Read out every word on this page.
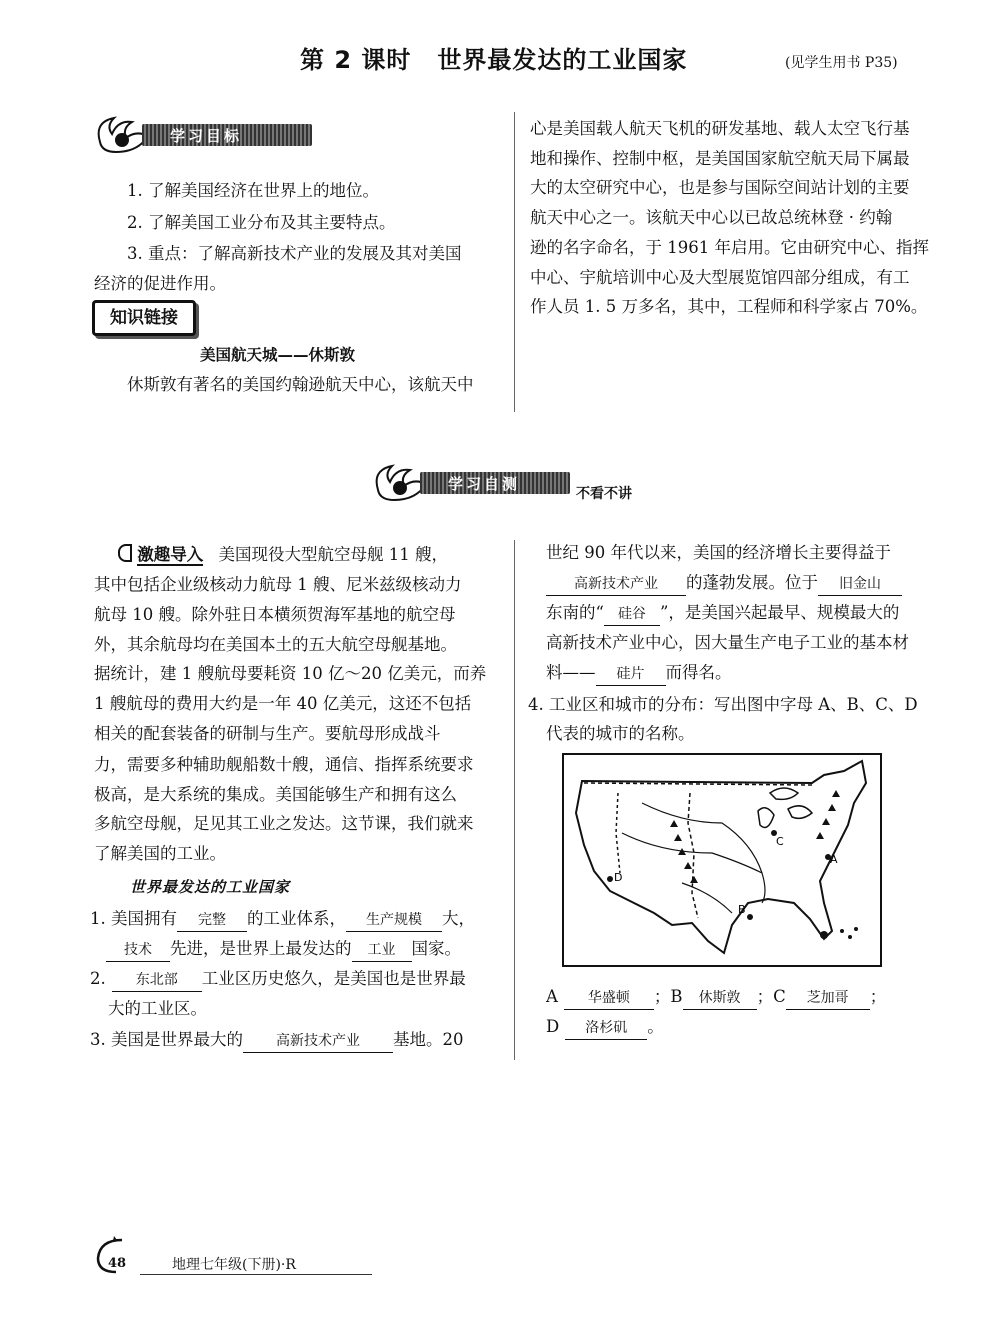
第 2 课时 世界最发达的工业国家	(见学生用书 P35)
学习目标
1. 了解美国经济在世界上的地位。
2. 了解美国工业分布及其主要特点。
3. 重点：了解高新技术产业的发展及其对美国
经济的促进作用。
知识链接
美国航天城——休斯敦
休斯敦有著名的美国约翰逊航天中心，该航天中
心是美国载人航天飞机的研发基地、载人太空飞行基
地和操作、控制中枢，是美国国家航空航天局下属最
大的太空研究中心，也是参与国际空间站计划的主要
航天中心之一。该航天中心以已故总统林登 · 约翰
逊的名字命名，于 1961 年启用。它由研究中心、指挥
中心、宇航培训中心及大型展览馆四部分组成，有工
作人员 1. 5 万多名，其中，工程师和科学家占 70%。
学习自测
不看不讲
激趣导入 美国现役大型航空母舰 11 艘，
其中包括企业级核动力航母 1 艘、尼米兹级核动力
航母 10 艘。除外驻日本横须贺海军基地的航空母
外，其余航母均在美国本土的五大航空母舰基地。
据统计，建 1 艘航母要耗资 10 亿～20 亿美元，而养
1 艘航母的费用大约是一年 40 亿美元，这还不包括
相关的配套装备的研制与生产。要航母形成战斗
力，需要多种辅助舰船数十艘，通信、指挥系统要求
极高，是大系统的集成。美国能够生产和拥有这么
多航空母舰，足见其工业之发达。这节课，我们就来
了解美国的工业。
世界最发达的工业国家
1. 美国拥有 完整 的工业体系， 生产规模 大，
技术 先进，是世界上最发达的 工业 国家。
2. 东北部 工业区历史悠久，是美国也是世界最
大的工业区。
3. 美国是世界最大的 高新技术产业 基地。20
世纪 90 年代以来，美国的经济增长主要得益于
高新技术产业 的蓬勃发展。位于 旧金山
东南的“ 硅谷 ”，是美国兴起最早、规模最大的
高新技术产业中心，因大量生产电子工业的基本材
料—— 硅片 而得名。
4. 工业区和城市的分布：写出图中字母 A、B、C、D
代表的城市的名称。
A
B
C
D
A 华盛顿 ；B 休斯敦 ；C 芝加哥 ；
D 洛杉矶 。
48	地理七年级(下册)·R
